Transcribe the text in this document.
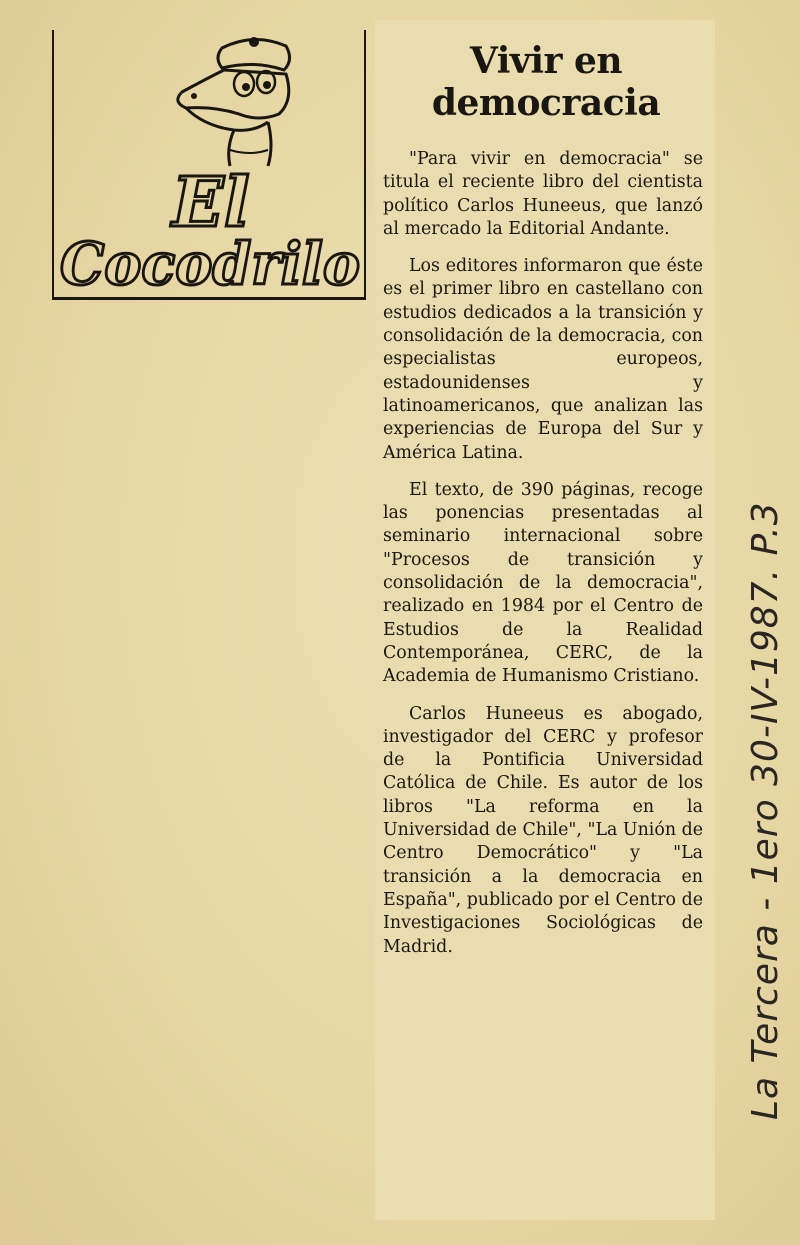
El
Cocodrilo
Vivir en
democracia

"Para vivir en democracia" se titula el reciente libro del cientista político Carlos Huneeus, que lanzó al mercado la Editorial Andante.

Los editores informaron que éste es el primer libro en castellano con estudios dedicados a la transición y consolidación de la democracia, con especialistas europeos, estadounidenses y latinoamericanos, que analizan las experiencias de Europa del Sur y América Latina.

El texto, de 390 páginas, recoge las ponencias presentadas al seminario internacional sobre "Procesos de transición y consolidación de la democracia", realizado en 1984 por el Centro de Estudios de la Realidad Contemporánea, CERC, de la Academia de Humanismo Cristiano.

Carlos Huneeus es abogado, investigador del CERC y profesor de la Pontificia Universidad Católica de Chile. Es autor de los libros "La reforma en la Universidad de Chile", "La Unión de Centro Democrático" y "La transición a la democracia en España", publicado por el Centro de Investigaciones Sociológicas de Madrid.	La Tercera - 1ero 30-IV-1987. P.3
